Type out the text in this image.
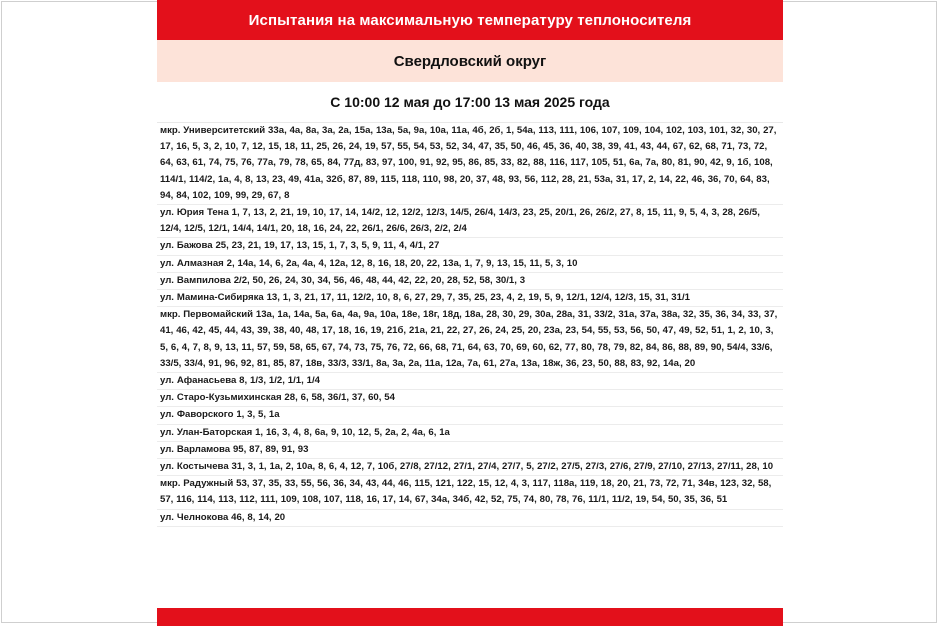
Испытания на максимальную температуру теплоносителя
Свердловский округ
С 10:00 12 мая до 17:00 13 мая 2025 года
мкр. Университетский 33а, 4а, 8а, 3а, 2а, 15а, 13а, 5а, 9а, 10а, 11а, 4б, 2б, 1, 54а, 113, 111, 106, 107, 109, 104, 102, 103, 101, 32, 30, 27, 17, 16, 5, 3, 2, 10, 7, 12, 15, 18, 11, 25, 26, 24, 19, 57, 55, 54, 53, 52, 34, 47, 35, 50, 46, 45, 36, 40, 38, 39, 41, 43, 44, 67, 62, 68, 71, 73, 72, 64, 63, 61, 74, 75, 76, 77а, 79, 78, 65, 84, 77д, 83, 97, 100, 91, 92, 95, 86, 85, 33, 82, 88, 116, 117, 105, 51, 6а, 7а, 80, 81, 90, 42, 9, 1б, 108, 114/1, 114/2, 1а, 4, 8, 13, 23, 49, 41а, 32б, 87, 89, 115, 118, 110, 98, 20, 37, 48, 93, 56, 112, 28, 21, 53а, 31, 17, 2, 14, 22, 46, 36, 70, 64, 83, 94, 84, 102, 109, 99, 29, 67, 8
ул. Юрия Тена 1, 7, 13, 2, 21, 19, 10, 17, 14, 14/2, 12, 12/2, 12/3, 14/5, 26/4, 14/3, 23, 25, 20/1, 26, 26/2, 27, 8, 15, 11, 9, 5, 4, 3, 28, 26/5, 12/4, 12/5, 12/1, 14/4, 14/1, 20, 18, 16, 24, 22, 26/1, 26/6, 26/3, 2/2, 2/4
ул. Бажова 25, 23, 21, 19, 17, 13, 15, 1, 7, 3, 5, 9, 11, 4, 4/1, 27
ул. Алмазная 2, 14а, 14, 6, 2а, 4а, 4, 12а, 12, 8, 16, 18, 20, 22, 13а, 1, 7, 9, 13, 15, 11, 5, 3, 10
ул. Вампилова 2/2, 50, 26, 24, 30, 34, 56, 46, 48, 44, 42, 22, 20, 28, 52, 58, 30/1, 3
ул. Мамина-Сибиряка 13, 1, 3, 21, 17, 11, 12/2, 10, 8, 6, 27, 29, 7, 35, 25, 23, 4, 2, 19, 5, 9, 12/1, 12/4, 12/3, 15, 31, 31/1
мкр. Первомайский 13а, 1а, 14а, 5а, 6а, 4а, 9а, 10а, 18е, 18г, 18д, 18а, 28, 30, 29, 30а, 28а, 31, 33/2, 31а, 37а, 38а, 32, 35, 36, 34, 33, 37, 41, 46, 42, 45, 44, 43, 39, 38, 40, 48, 17, 18, 16, 19, 21б, 21а, 21, 22, 27, 26, 24, 25, 20, 23а, 23, 54, 55, 53, 56, 50, 47, 49, 52, 51, 1, 2, 10, 3, 5, 6, 4, 7, 8, 9, 13, 11, 57, 59, 58, 65, 67, 74, 73, 75, 76, 72, 66, 68, 71, 64, 63, 70, 69, 60, 62, 77, 80, 78, 79, 82, 84, 86, 88, 89, 90, 54/4, 33/6, 33/5, 33/4, 91, 96, 92, 81, 85, 87, 18в, 33/3, 33/1, 8а, 3а, 2а, 11а, 12а, 7а, 61, 27а, 13а, 18ж, 36, 23, 50, 88, 83, 92, 14а, 20
ул. Афанасьева 8, 1/3, 1/2, 1/1, 1/4
ул. Старо-Кузьмихинская 28, 6, 58, 36/1, 37, 60, 54
ул. Фаворского 1, 3, 5, 1а
ул. Улан-Баторская 1, 16, 3, 4, 8, 6а, 9, 10, 12, 5, 2а, 2, 4а, 6, 1а
ул. Варламова 95, 87, 89, 91, 93
ул. Костычева 31, 3, 1, 1а, 2, 10а, 8, 6, 4, 12, 7, 10б, 27/8, 27/12, 27/1, 27/4, 27/7, 5, 27/2, 27/5, 27/3, 27/6, 27/9, 27/10, 27/13, 27/11, 28, 10
мкр. Радужный 53, 37, 35, 33, 55, 56, 36, 34, 43, 44, 46, 115, 121, 122, 15, 12, 4, 3, 117, 118а, 119, 18, 20, 21, 73, 72, 71, 34в, 123, 32, 58, 57, 116, 114, 113, 112, 111, 109, 108, 107, 118, 16, 17, 14, 67, 34а, 34б, 42, 52, 75, 74, 80, 78, 76, 11/1, 11/2, 19, 54, 50, 35, 36, 51
ул. Челнокова 46, 8, 14, 20
